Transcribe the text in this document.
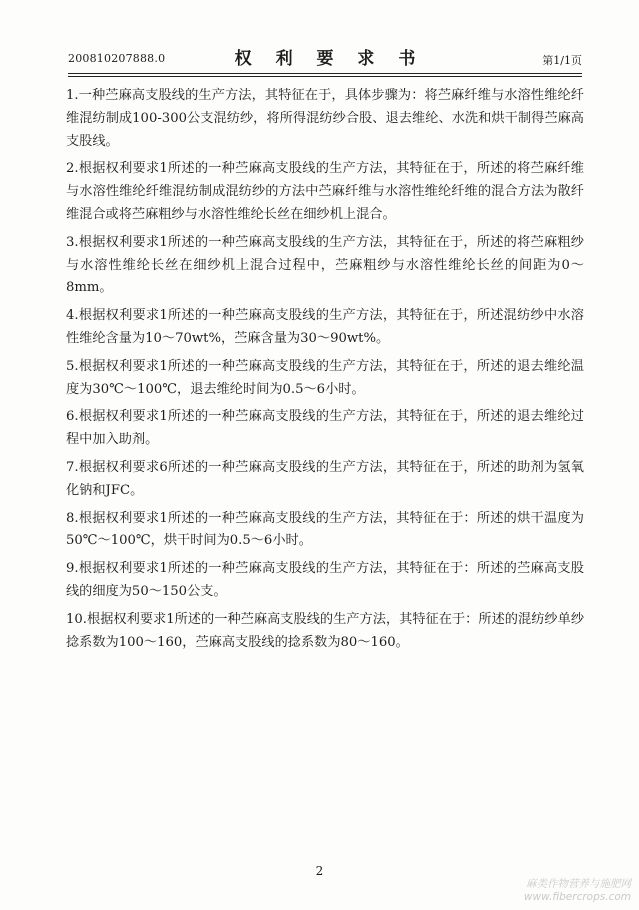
200810207888.0	权 利 要 求 书	第1/1页

1.一种苎麻高支股线的生产方法，其特征在于，具体步骤为：将苎麻纤维与水溶性维纶纤维混纺制成100-300公支混纺纱，将所得混纺纱合股、退去维纶、水洗和烘干制得苎麻高支股线。

2.根据权利要求1所述的一种苎麻高支股线的生产方法，其特征在于，所述的将苎麻纤维与水溶性维纶纤维混纺制成混纺纱的方法中苎麻纤维与水溶性维纶纤维的混合方法为散纤维混合或将苎麻粗纱与水溶性维纶长丝在细纱机上混合。

3.根据权利要求1所述的一种苎麻高支股线的生产方法，其特征在于，所述的将苎麻粗纱与水溶性维纶长丝在细纱机上混合过程中，苎麻粗纱与水溶性维纶长丝的间距为0～8mm。

4.根据权利要求1所述的一种苎麻高支股线的生产方法，其特征在于，所述混纺纱中水溶性维纶含量为10～70wt%，苎麻含量为30～90wt%。

5.根据权利要求1所述的一种苎麻高支股线的生产方法，其特征在于，所述的退去维纶温度为30℃～100℃，退去维纶时间为0.5～6小时。

6.根据权利要求1所述的一种苎麻高支股线的生产方法，其特征在于，所述的退去维纶过程中加入助剂。

7.根据权利要求6所述的一种苎麻高支股线的生产方法，其特征在于，所述的助剂为氢氧化钠和JFC。

8.根据权利要求1所述的一种苎麻高支股线的生产方法，其特征在于：所述的烘干温度为50℃～100℃，烘干时间为0.5～6小时。

9.根据权利要求1所述的一种苎麻高支股线的生产方法，其特征在于：所述的苎麻高支股线的细度为50～150公支。

10.根据权利要求1所述的一种苎麻高支股线的生产方法，其特征在于：所述的混纺纱单纱捻系数为100～160，苎麻高支股线的捻系数为80～160。

2
麻类作物营养与施肥网
www.fibercrops.com
